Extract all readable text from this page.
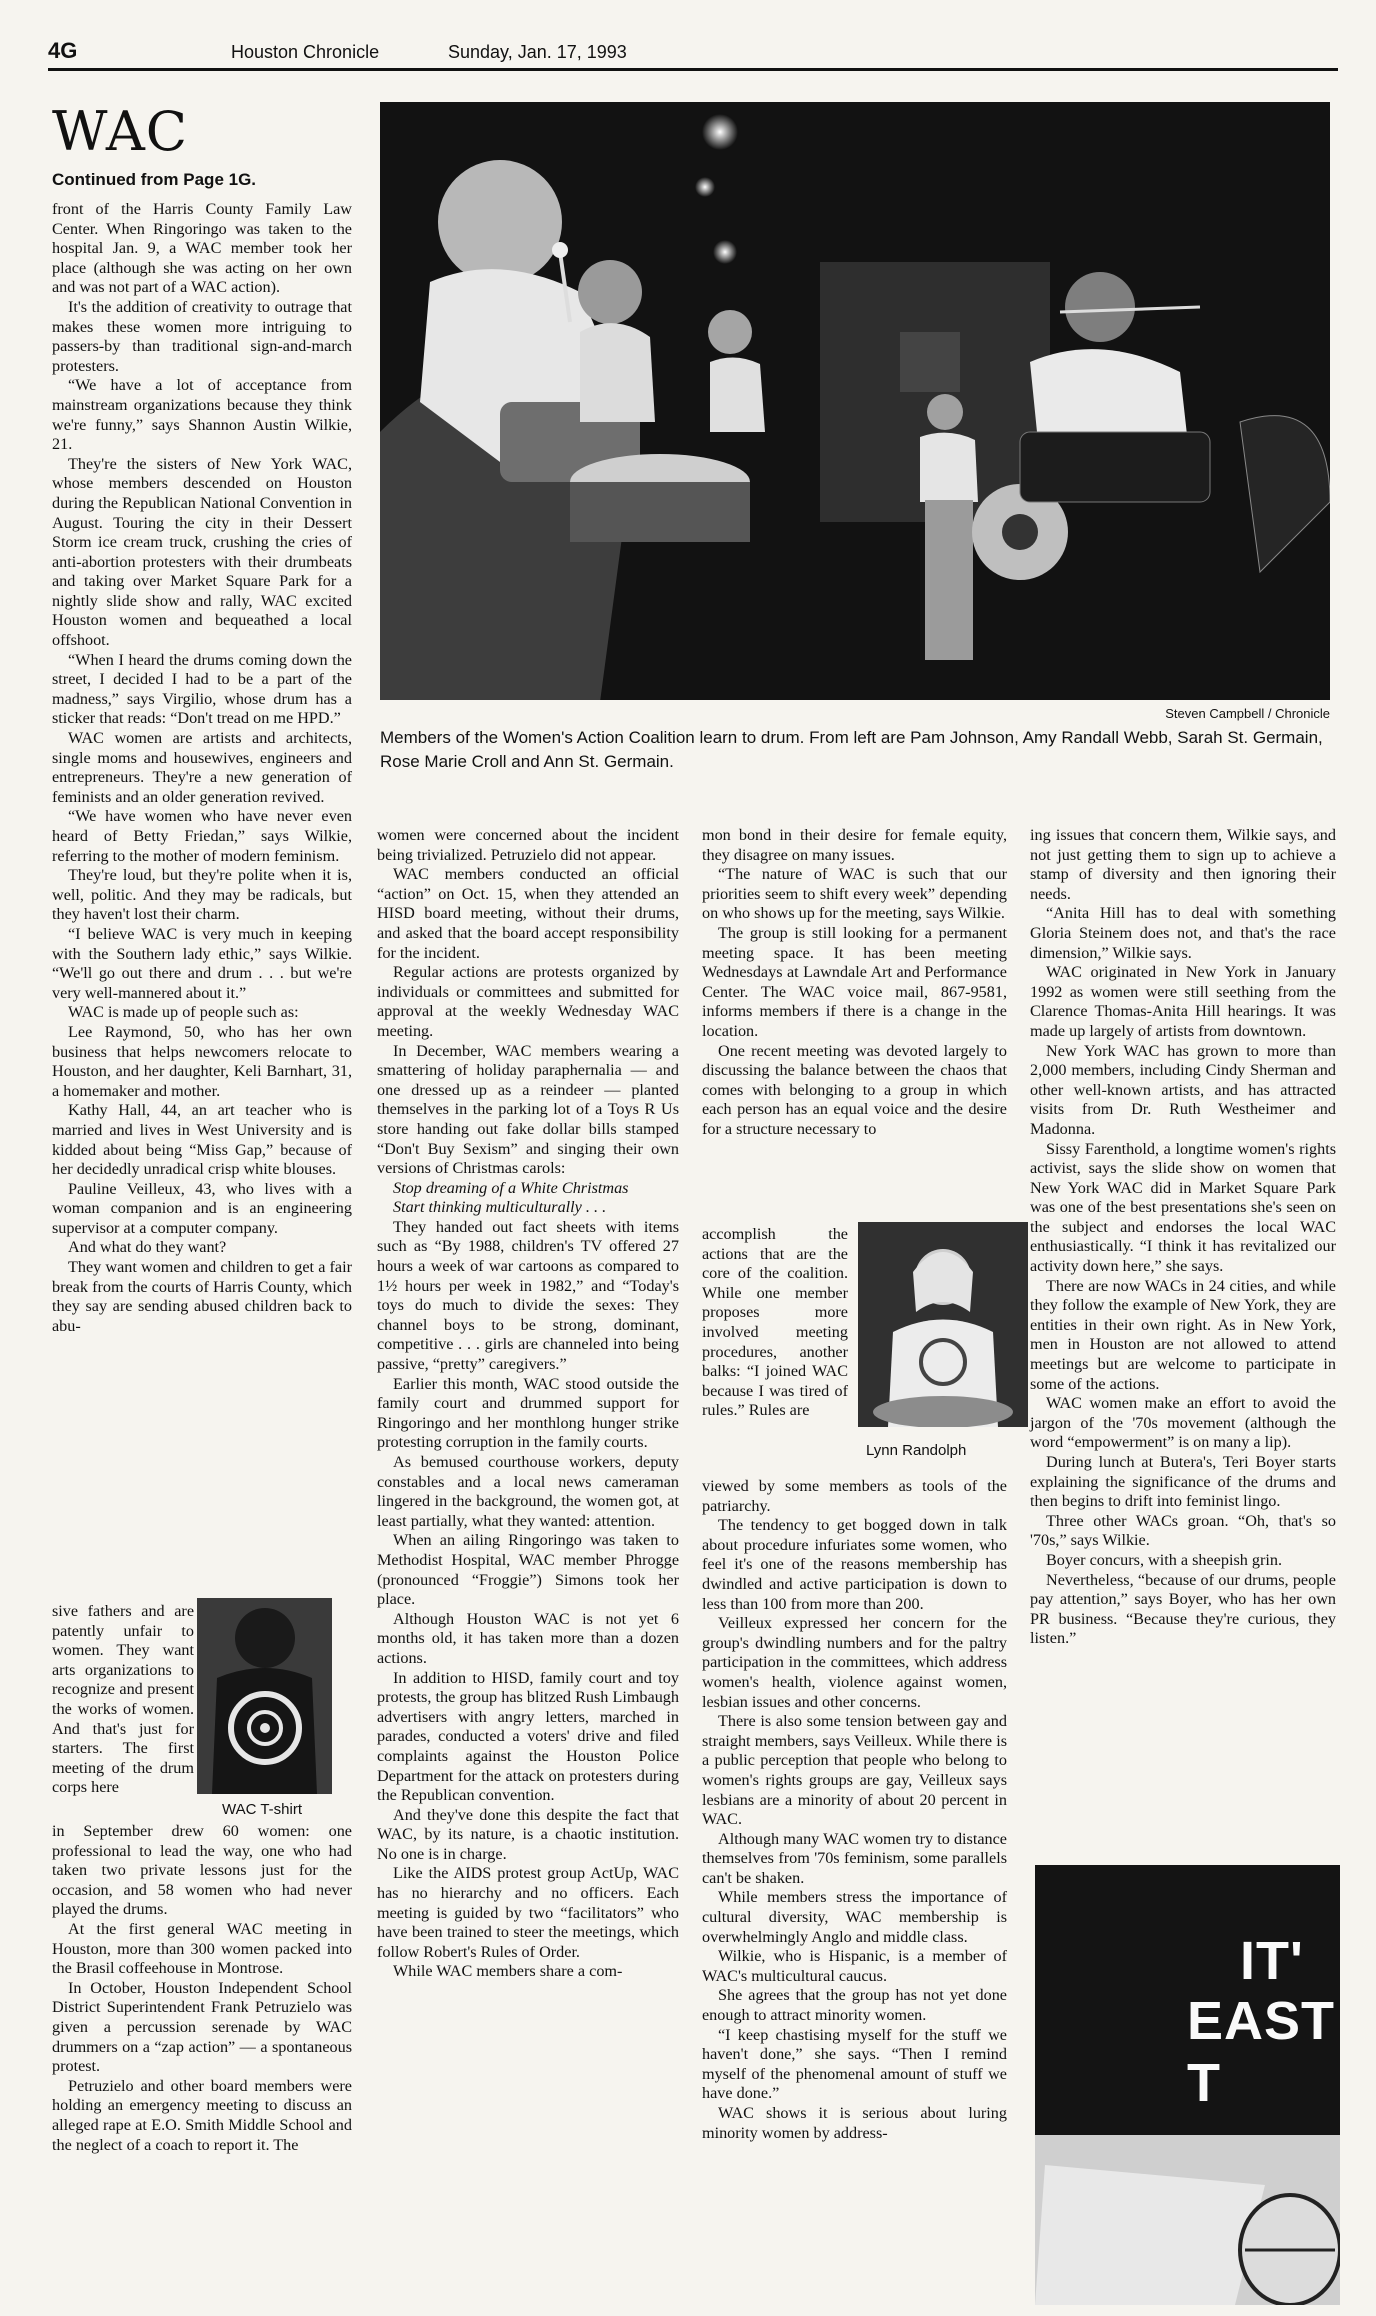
4G	Houston Chronicle	Sunday, Jan. 17, 1993
WAC
Continued from Page 1G.
Steven Campbell / Chronicle
Members of the Women's Action Coalition learn to drum. From left are Pam Johnson, Amy Randall Webb, Sarah St. Germain, Rose Marie Croll and Ann St. Germain.

front of the Harris County Family Law Center. When Ringoringo was taken to the hospital Jan. 9, a WAC member took her place (although she was acting on her own and was not part of a WAC action).

It's the addition of creativity to outrage that makes these women more intriguing to passers-by than traditional sign-and-march protesters.

“We have a lot of acceptance from mainstream organizations because they think we're funny,” says Shannon Austin Wilkie, 21.

They're the sisters of New York WAC, whose members descended on Houston during the Republican National Convention in August. Touring the city in their Dessert Storm ice cream truck, crushing the cries of anti-abortion protesters with their drumbeats and taking over Market Square Park for a nightly slide show and rally, WAC excited Houston women and bequeathed a local offshoot.

“When I heard the drums coming down the street, I decided I had to be a part of the madness,” says Virgilio, whose drum has a sticker that reads: “Don't tread on me HPD.”

WAC women are artists and architects, single moms and housewives, engineers and entrepreneurs. They're a new generation of feminists and an older generation revived.

“We have women who have never even heard of Betty Friedan,” says Wilkie, referring to the mother of modern feminism.

They're loud, but they're polite when it is, well, politic. And they may be radicals, but they haven't lost their charm.

“I believe WAC is very much in keeping with the Southern lady ethic,” says Wilkie. “We'll go out there and drum . . . but we're very well-mannered about it.”

WAC is made up of people such as:

Lee Raymond, 50, who has her own business that helps newcomers relocate to Houston, and her daughter, Keli Barnhart, 31, a homemaker and mother.

Kathy Hall, 44, an art teacher who is married and lives in West University and is kidded about being “Miss Gap,” because of her decidedly unradical crisp white blouses.

Pauline Veilleux, 43, who lives with a woman companion and is an engineering supervisor at a computer company.

And what do they want?

They want women and children to get a fair break from the courts of Harris County, which they say are sending abused children back to abu-

sive fathers and are patently unfair to women. They want arts organizations to recognize and present the works of women. And that's just for starters. The first meeting of the drum corps here

in September drew 60 women: one professional to lead the way, one who had taken two private lessons just for the occasion, and 58 women who had never played the drums.

At the first general WAC meeting in Houston, more than 300 women packed into the Brasil coffeehouse in Montrose.

In October, Houston Independent School District Superintendent Frank Petruzielo was given a percussion serenade by WAC drummers on a “zap action” — a spontaneous protest.

Petruzielo and other board members were holding an emergency meeting to discuss an alleged rape at E.O. Smith Middle School and the neglect of a coach to report it. The

WAC T-shirt

women were concerned about the incident being trivialized. Petruzielo did not appear.

WAC members conducted an official “action” on Oct. 15, when they attended an HISD board meeting, without their drums, and asked that the board accept responsibility for the incident.

Regular actions are protests organized by individuals or committees and submitted for approval at the weekly Wednesday WAC meeting.

In December, WAC members wearing a smattering of holiday paraphernalia — and one dressed up as a reindeer — planted themselves in the parking lot of a Toys R Us store handing out fake dollar bills stamped “Don't Buy Sexism” and singing their own versions of Christmas carols:

Stop dreaming of a White Christmas

Start thinking multiculturally . . .

They handed out fact sheets with items such as “By 1988, children's TV offered 27 hours a week of war cartoons as compared to 1½ hours per week in 1982,” and “Today's toys do much to divide the sexes: They channel boys to be strong, dominant, competitive . . . girls are channeled into being passive, “pretty” caregivers.”

Earlier this month, WAC stood outside the family court and drummed support for Ringoringo and her monthlong hunger strike protesting corruption in the family courts.

As bemused courthouse workers, deputy constables and a local news cameraman lingered in the background, the women got, at least partially, what they wanted: attention.

When an ailing Ringoringo was taken to Methodist Hospital, WAC member Phrogge (pronounced “Froggie”) Simons took her place.

Although Houston WAC is not yet 6 months old, it has taken more than a dozen actions.

In addition to HISD, family court and toy protests, the group has blitzed Rush Limbaugh advertisers with angry letters, marched in parades, conducted a voters' drive and filed complaints against the Houston Police Department for the attack on protesters during the Republican convention.

And they've done this despite the fact that WAC, by its nature, is a chaotic institution. No one is in charge.

Like the AIDS protest group ActUp, WAC has no hierarchy and no officers. Each meeting is guided by two “facilitators” who have been trained to steer the meetings, which follow Robert's Rules of Order.

While WAC members share a com-

mon bond in their desire for female equity, they disagree on many issues.

“The nature of WAC is such that our priorities seem to shift every week” depending on who shows up for the meeting, says Wilkie.

The group is still looking for a permanent meeting space. It has been meeting Wednesdays at Lawndale Art and Performance Center. The WAC voice mail, 867-9581, informs members if there is a change in the location.

One recent meeting was devoted largely to discussing the balance between the chaos that comes with belonging to a group in which each person has an equal voice and the desire for a structure necessary to

accomplish the actions that are the core of the coalition. While one member proposes more involved meeting procedures, another balks: “I joined WAC because I was tired of rules.” Rules are

viewed by some members as tools of the patriarchy.

The tendency to get bogged down in talk about procedure infuriates some women, who feel it's one of the reasons membership has dwindled and active participation is down to less than 100 from more than 200.

Veilleux expressed her concern for the group's dwindling numbers and for the paltry participation in the committees, which address women's health, violence against women, lesbian issues and other concerns.

There is also some tension between gay and straight members, says Veilleux. While there is a public perception that people who belong to women's rights groups are gay, Veilleux says lesbians are a minority of about 20 percent in WAC.

Although many WAC women try to distance themselves from '70s feminism, some parallels can't be shaken.

While members stress the importance of cultural diversity, WAC membership is overwhelmingly Anglo and middle class.

Wilkie, who is Hispanic, is a member of WAC's multicultural caucus.

She agrees that the group has not yet done enough to attract minority women.

“I keep chastising myself for the stuff we haven't done,” she says. “Then I remind myself of the phenomenal amount of stuff we have done.”

WAC shows it is serious about luring minority women by address-

Lynn Randolph

ing issues that concern them, Wilkie says, and not just getting them to sign up to achieve a stamp of diversity and then ignoring their needs.

“Anita Hill has to deal with something Gloria Steinem does not, and that's the race dimension,” Wilkie says.

WAC originated in New York in January 1992 as women were still seething from the Clarence Thomas-Anita Hill hearings. It was made up largely of artists from downtown.

New York WAC has grown to more than 2,000 members, including Cindy Sherman and other well-known artists, and has attracted visits from Dr. Ruth Westheimer and Madonna.

Sissy Farenthold, a longtime women's rights activist, says the slide show on women that New York WAC did in Market Square Park was one of the best presentations she's seen on the subject and endorses the local WAC enthusiastically. “I think it has revitalized our activity down here,” she says.

There are now WACs in 24 cities, and while they follow the example of New York, they are entities in their own right. As in New York, men in Houston are not allowed to attend meetings but are welcome to participate in some of the actions.

WAC women make an effort to avoid the jargon of the '70s movement (although the word “empowerment” is on many a lip).

During lunch at Butera's, Teri Boyer starts explaining the significance of the drums and then begins to drift into feminist lingo.

Three other WACs groan. “Oh, that's so '70s,” says Wilkie.

Boyer concurs, with a sheepish grin.

Nevertheless, “because of our drums, people pay attention,” says Boyer, who has her own PR business. “Because they're curious, they listen.”

IT'
EAST T
